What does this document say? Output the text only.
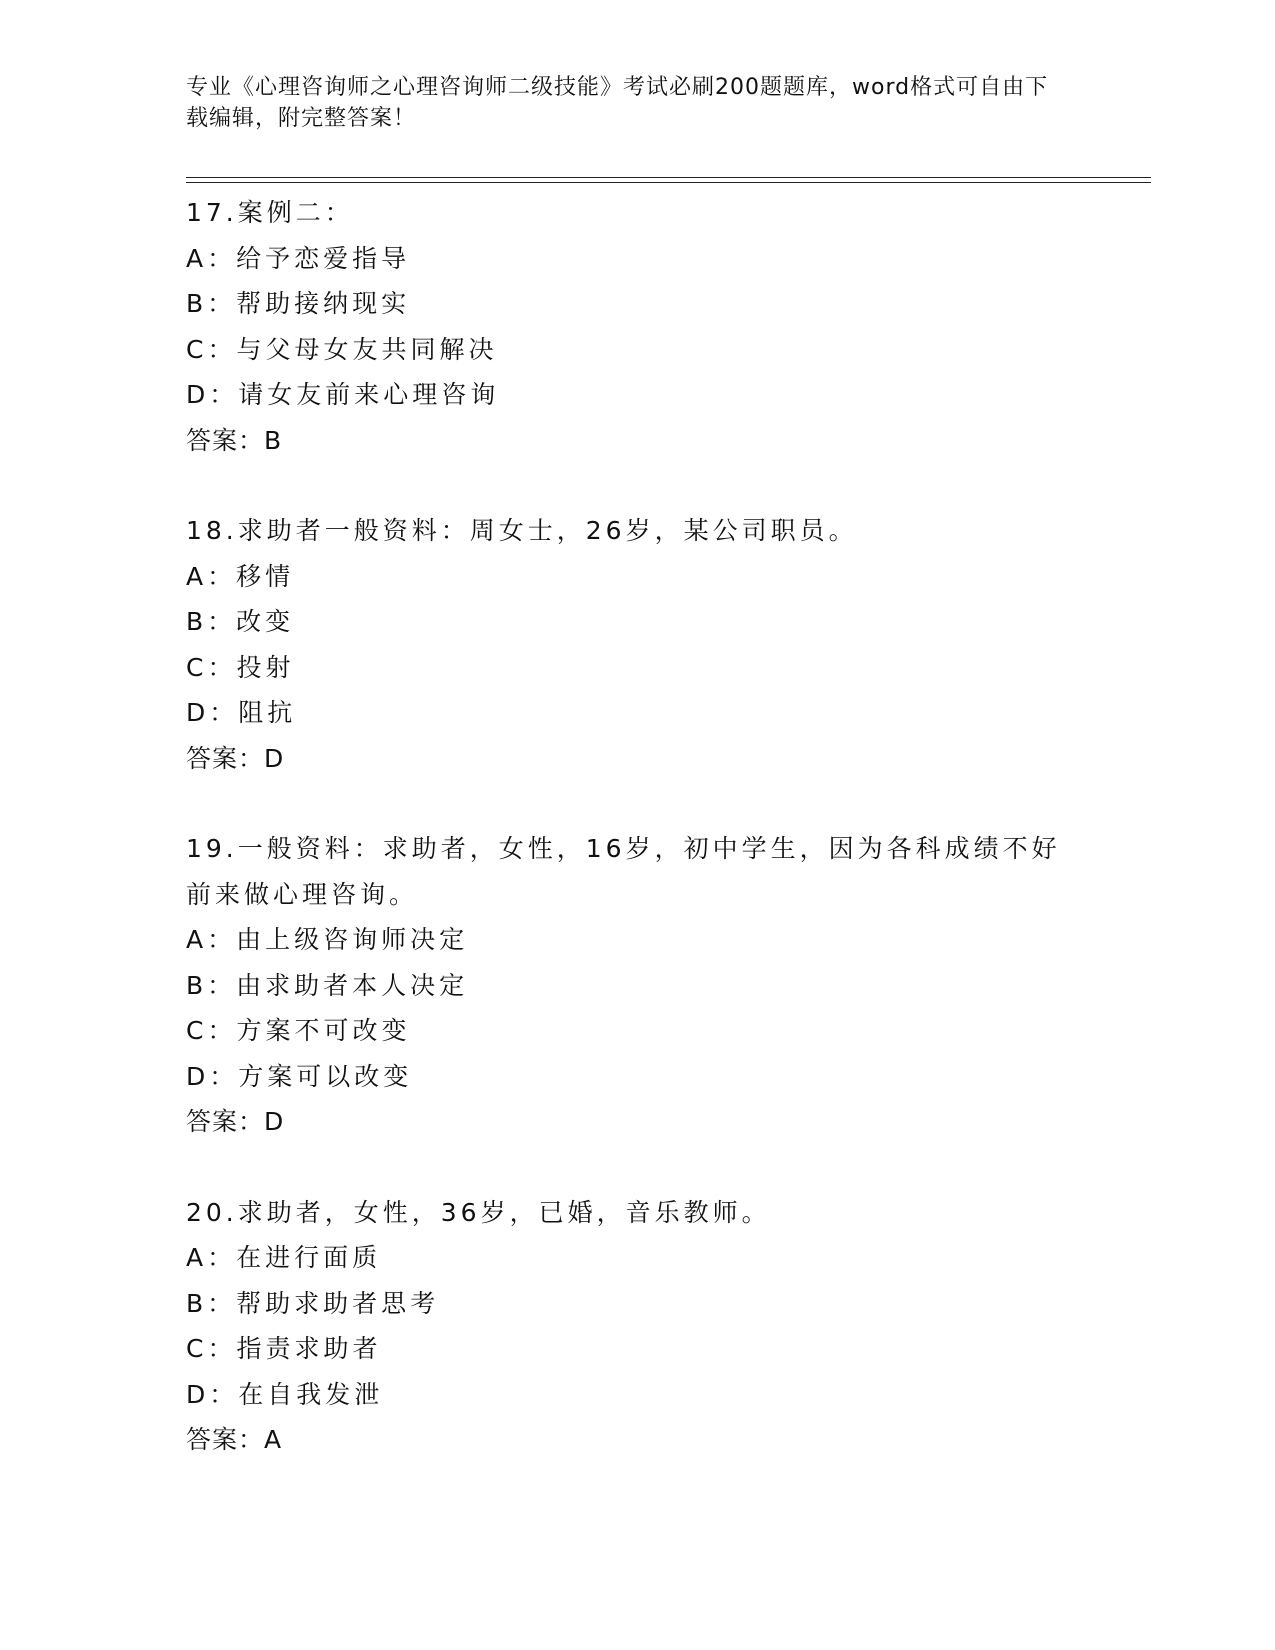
专业《心理咨询师之心理咨询师二级技能》考试必刷200题题库，word格式可自由下载编辑，附完整答案！
17.案例二：
A：给予恋爱指导
B：帮助接纳现实
C：与父母女友共同解决
D：请女友前来心理咨询
答案：B
18.求助者一般资料：周女士，26岁，某公司职员。
A：移情
B：改变
C：投射
D：阻抗
答案：D
19.一般资料：求助者，女性，16岁，初中学生，因为各科成绩不好前来做心理咨询。
A：由上级咨询师决定
B：由求助者本人决定
C：方案不可改变
D：方案可以改变
答案：D
20.求助者，女性，36岁，已婚，音乐教师。
A：在进行面质
B：帮助求助者思考
C：指责求助者
D：在自我发泄
答案：A
